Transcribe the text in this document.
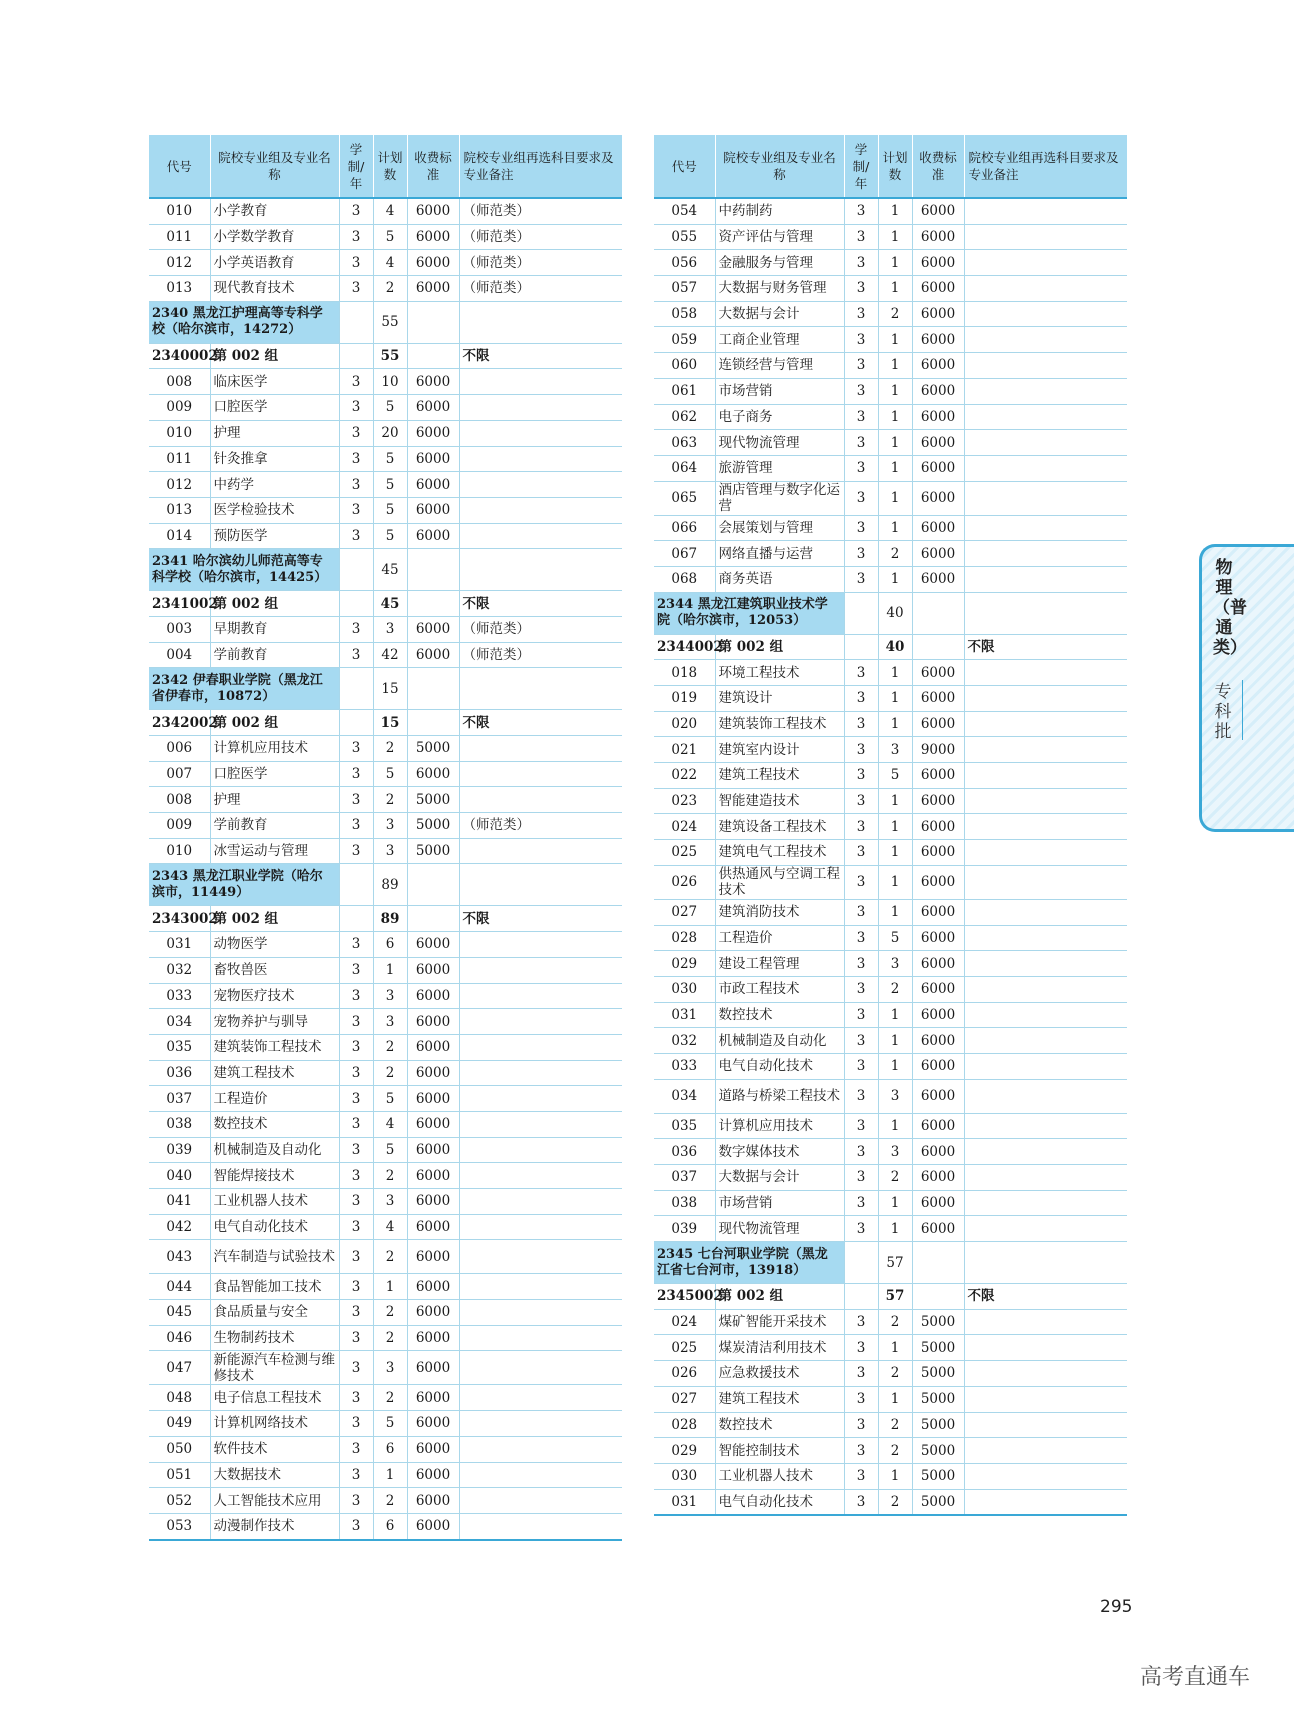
代号	院校专业组及专业名称	学制/年	计划数	收费标准	院校专业组再选科目要求及专业备注
010	小学教育	3	4	6000	（师范类）
011	小学数学教育	3	5	6000	（师范类）
012	小学英语教育	3	4	6000	（师范类）
013	现代教育技术	3	2	6000	（师范类）
2340 黑龙江护理高等专科学校（哈尔滨市，14272）			55		
2340002	第 002 组		55		不限
008	临床医学	3	10	6000	
009	口腔医学	3	5	6000	
010	护理	3	20	6000	
011	针灸推拿	3	5	6000	
012	中药学	3	5	6000	
013	医学检验技术	3	5	6000	
014	预防医学	3	5	6000	
2341 哈尔滨幼儿师范高等专科学校（哈尔滨市，14425）			45		
2341002	第 002 组		45		不限
003	早期教育	3	3	6000	（师范类）
004	学前教育	3	42	6000	（师范类）
2342 伊春职业学院（黑龙江省伊春市，10872）			15		
2342002	第 002 组		15		不限
006	计算机应用技术	3	2	5000	
007	口腔医学	3	5	6000	
008	护理	3	2	5000	
009	学前教育	3	3	5000	（师范类）
010	冰雪运动与管理	3	3	5000	
2343 黑龙江职业学院（哈尔滨市，11449）			89		
2343002	第 002 组		89		不限
031	动物医学	3	6	6000	
032	畜牧兽医	3	1	6000	
033	宠物医疗技术	3	3	6000	
034	宠物养护与驯导	3	3	6000	
035	建筑装饰工程技术	3	2	6000	
036	建筑工程技术	3	2	6000	
037	工程造价	3	5	6000	
038	数控技术	3	4	6000	
039	机械制造及自动化	3	5	6000	
040	智能焊接技术	3	2	6000	
041	工业机器人技术	3	3	6000	
042	电气自动化技术	3	4	6000	
043	汽车制造与试验技术	3	2	6000	
044	食品智能加工技术	3	1	6000	
045	食品质量与安全	3	2	6000	
046	生物制药技术	3	2	6000	
047	新能源汽车检测与维修技术	3	3	6000	
048	电子信息工程技术	3	2	6000	
049	计算机网络技术	3	5	6000	
050	软件技术	3	6	6000	
051	大数据技术	3	1	6000	
052	人工智能技术应用	3	2	6000	
053	动漫制作技术	3	6	6000	
代号	院校专业组及专业名称	学制/年	计划数	收费标准	院校专业组再选科目要求及专业备注
054	中药制药	3	1	6000	
055	资产评估与管理	3	1	6000	
056	金融服务与管理	3	1	6000	
057	大数据与财务管理	3	1	6000	
058	大数据与会计	3	2	6000	
059	工商企业管理	3	1	6000	
060	连锁经营与管理	3	1	6000	
061	市场营销	3	1	6000	
062	电子商务	3	1	6000	
063	现代物流管理	3	1	6000	
064	旅游管理	3	1	6000	
065	酒店管理与数字化运营	3	1	6000	
066	会展策划与管理	3	1	6000	
067	网络直播与运营	3	2	6000	
068	商务英语	3	1	6000	
2344 黑龙江建筑职业技术学院（哈尔滨市，12053）			40		
2344002	第 002 组		40		不限
018	环境工程技术	3	1	6000	
019	建筑设计	3	1	6000	
020	建筑装饰工程技术	3	1	6000	
021	建筑室内设计	3	3	9000	
022	建筑工程技术	3	5	6000	
023	智能建造技术	3	1	6000	
024	建筑设备工程技术	3	1	6000	
025	建筑电气工程技术	3	1	6000	
026	供热通风与空调工程技术	3	1	6000	
027	建筑消防技术	3	1	6000	
028	工程造价	3	5	6000	
029	建设工程管理	3	3	6000	
030	市政工程技术	3	2	6000	
031	数控技术	3	1	6000	
032	机械制造及自动化	3	1	6000	
033	电气自动化技术	3	1	6000	
034	道路与桥梁工程技术	3	3	6000	
035	计算机应用技术	3	1	6000	
036	数字媒体技术	3	3	6000	
037	大数据与会计	3	2	6000	
038	市场营销	3	1	6000	
039	现代物流管理	3	1	6000	
2345 七台河职业学院（黑龙江省七台河市，13918）			57		
2345002	第 002 组		57		不限
024	煤矿智能开采技术	3	2	5000	
025	煤炭清洁利用技术	3	1	5000	
026	应急救援技术	3	2	5000	
027	建筑工程技术	3	1	5000	
028	数控技术	3	2	5000	
029	智能控制技术	3	2	5000	
030	工业机器人技术	3	1	5000	
031	电气自动化技术	3	2	5000	
物理（普通类）
专科批
295
高考直通车
